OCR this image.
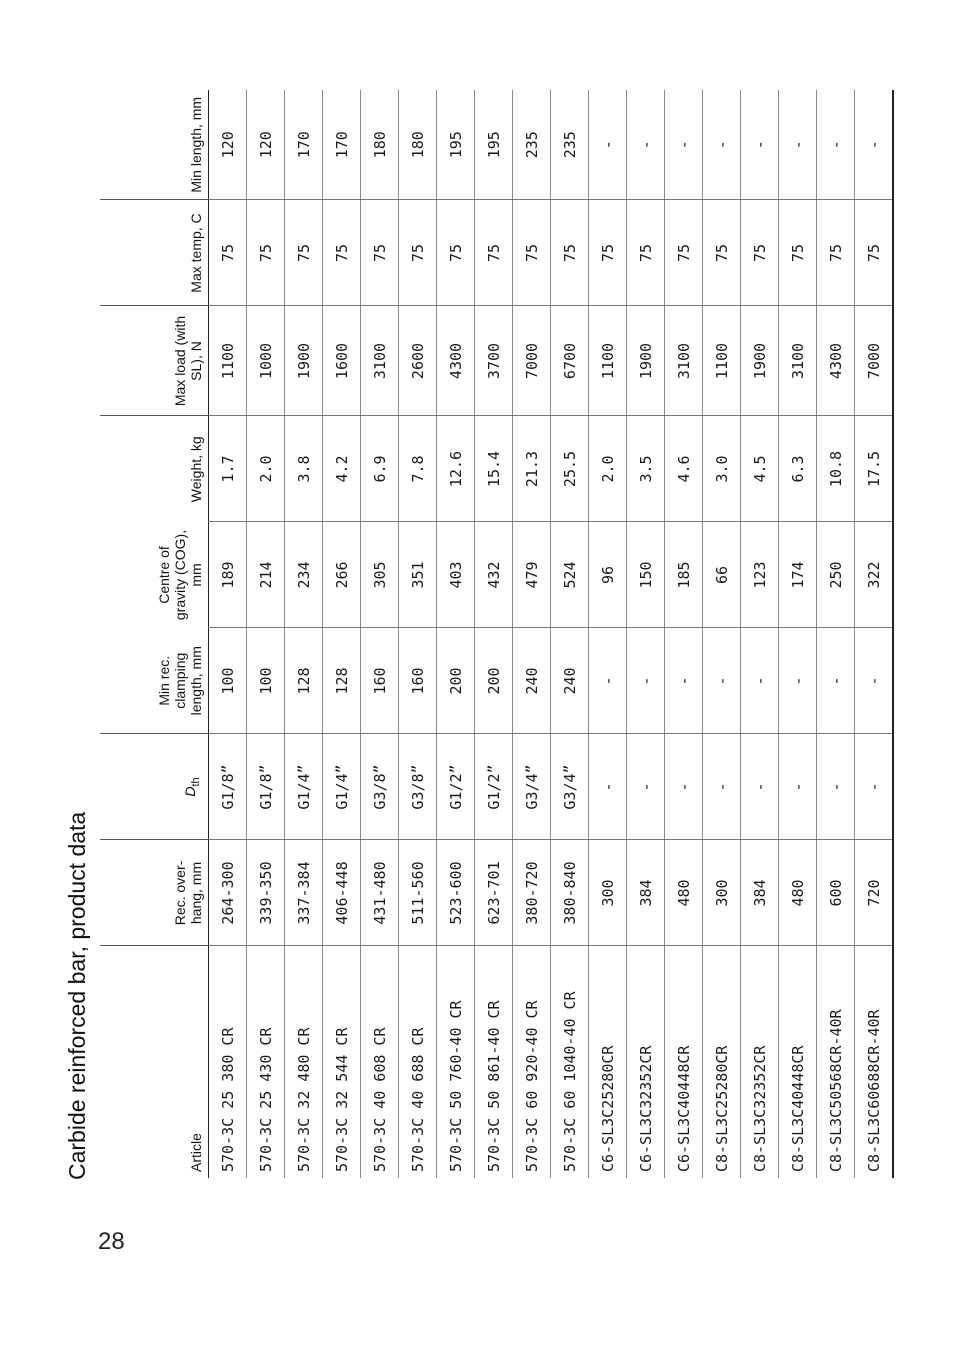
28
Carbide reinforced bar, product data	Article	Rec. over- hang, mm	$D_{th}$	Min rec. clamping length, mm	Centre of gravity (COG), mm	Weight, kg	Max load (with SL), N	Max temp, C	Min length, mm
570-3C 25 380 CR	264-300	G1/8”	100	189	1.7	1100	75	120
570-3C 25 430 CR	339-350	G1/8”	100	214	2.0	1000	75	120
570-3C 32 480 CR	337-384	G1/4”	128	234	3.8	1900	75	170
570-3C 32 544 CR	406-448	G1/4”	128	266	4.2	1600	75	170
570-3C 40 608 CR	431-480	G3/8”	160	305	6.9	3100	75	180
570-3C 40 688 CR	511-560	G3/8”	160	351	7.8	2600	75	180
570-3C 50 760-40 CR	523-600	G1/2”	200	403	12.6	4300	75	195
570-3C 50 861-40 CR	623-701	G1/2”	200	432	15.4	3700	75	195
570-3C 60 920-40 CR	380-720	G3/4”	240	479	21.3	7000	75	235
570-3C 60 1040-40 CR	380-840	G3/4”	240	524	25.5	6700	75	235
C6-SL3C25280CR	300	-	-	96	2.0	1100	75	-
C6-SL3C32352CR	384	-	-	150	3.5	1900	75	-
C6-SL3C40448CR	480	-	-	185	4.6	3100	75	-
C8-SL3C25280CR	300	-	-	66	3.0	1100	75	-
C8-SL3C32352CR	384	-	-	123	4.5	1900	75	-
C8-SL3C40448CR	480	-	-	174	6.3	3100	75	-
C8-SL3C50568CR-40R	600	-	-	250	10.8	4300	75	-
C8-SL3C60688CR-40R	720	-	-	322	17.5	7000	75	-
